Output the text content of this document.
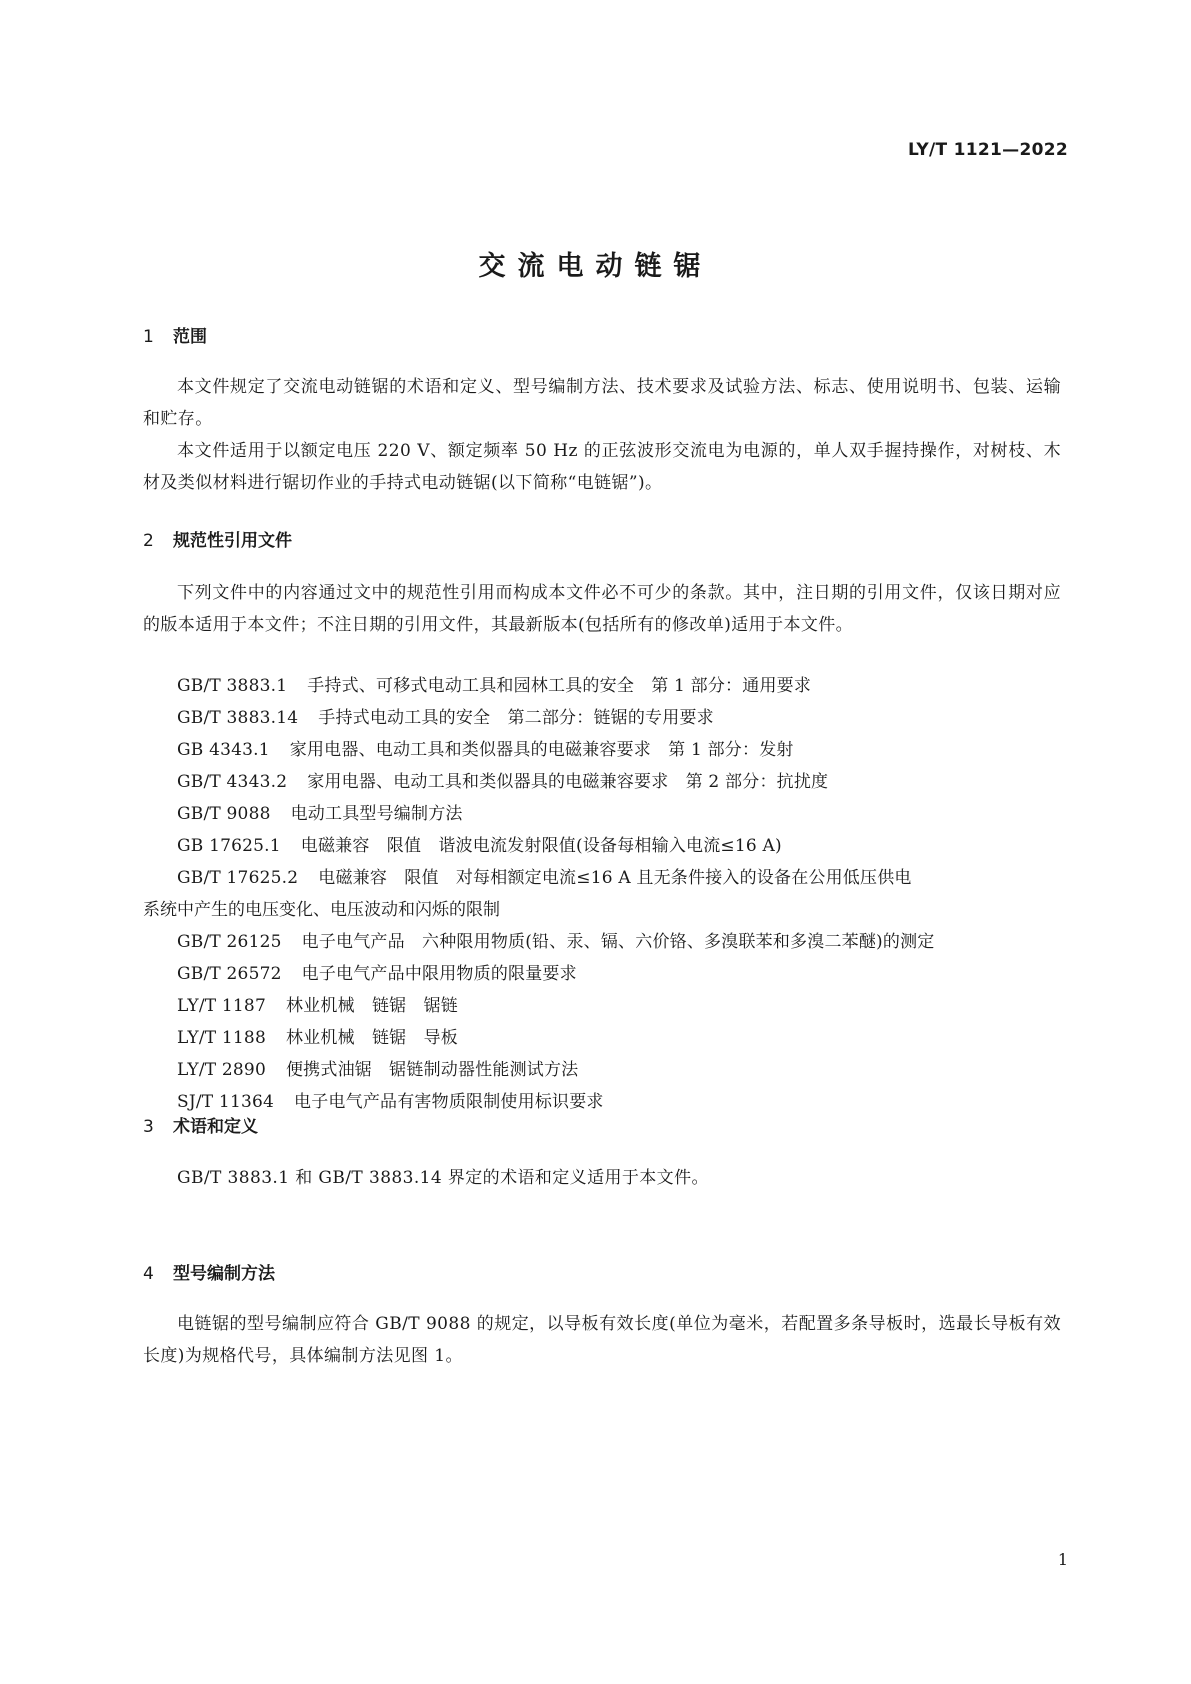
LY/T 1121—2022
交流电动链锯
1 范围

本文件规定了交流电动链锯的术语和定义、型号编制方法、技术要求及试验方法、标志、使用说明书、包装、运输和贮存。

本文件适用于以额定电压 220 V、额定频率 50 Hz 的正弦波形交流电为电源的，单人双手握持操作，对树枝、木材及类似材料进行锯切作业的手持式电动链锯(以下简称“电链锯”)。

2 规范性引用文件

下列文件中的内容通过文中的规范性引用而构成本文件必不可少的条款。其中，注日期的引用文件，仅该日期对应的版本适用于本文件；不注日期的引用文件，其最新版本(包括所有的修改单)适用于本文件。

GB/T 3883.1 手持式、可移式电动工具和园林工具的安全　第 1 部分：通用要求

GB/T 3883.14 手持式电动工具的安全　第二部分：链锯的专用要求

GB 4343.1 家用电器、电动工具和类似器具的电磁兼容要求　第 1 部分：发射

GB/T 4343.2 家用电器、电动工具和类似器具的电磁兼容要求　第 2 部分：抗扰度

GB/T 9088 电动工具型号编制方法

GB 17625.1 电磁兼容　限值　谐波电流发射限值(设备每相输入电流≤16 A)

GB/T 17625.2 电磁兼容　限值　对每相额定电流≤16 A 且无条件接入的设备在公用低压供电

系统中产生的电压变化、电压波动和闪烁的限制

GB/T 26125 电子电气产品　六种限用物质(铅、汞、镉、六价铬、多溴联苯和多溴二苯醚)的测定

GB/T 26572 电子电气产品中限用物质的限量要求

LY/T 1187 林业机械　链锯　锯链

LY/T 1188 林业机械　链锯　导板

LY/T 2890 便携式油锯　锯链制动器性能测试方法

SJ/T 11364 电子电气产品有害物质限制使用标识要求

3 术语和定义

GB/T 3883.1 和 GB/T 3883.14 界定的术语和定义适用于本文件。

4 型号编制方法

电链锯的型号编制应符合 GB/T 9088 的规定，以导板有效长度(单位为毫米，若配置多条导板时，选最长导板有效长度)为规格代号，具体编制方法见图 1。

1
